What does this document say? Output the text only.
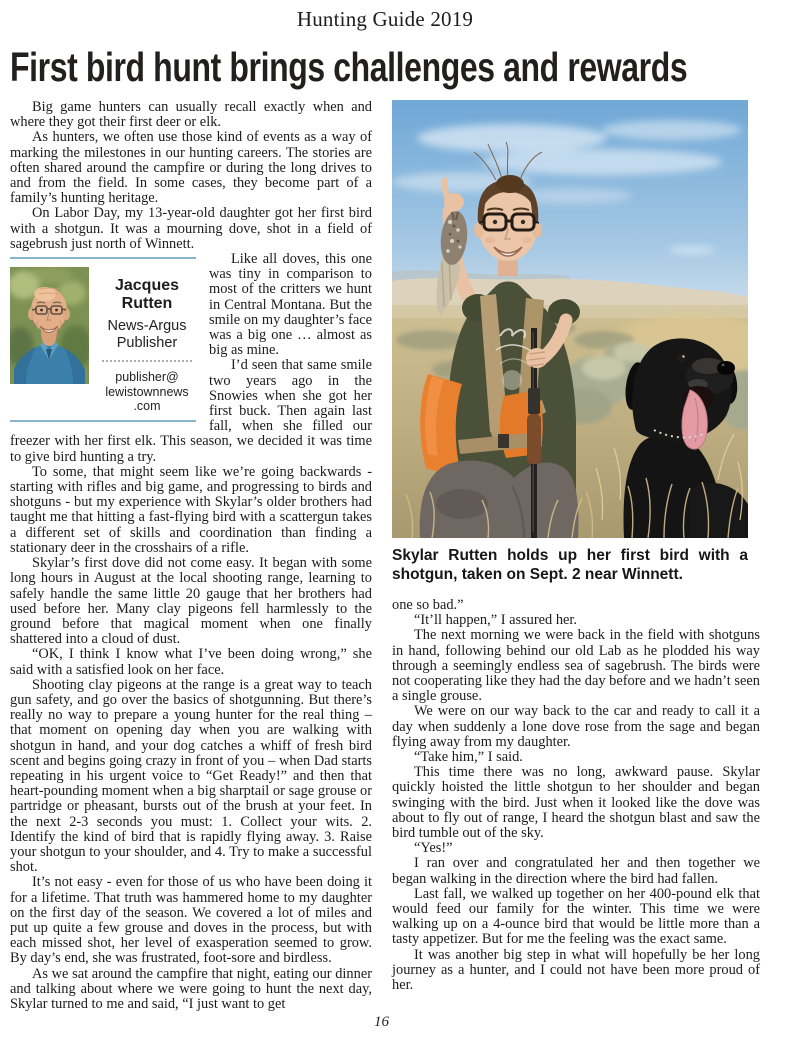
Hunting Guide 2019
First bird hunt brings challenges and rewards

Big game hunters can usually recall exactly when and where they got their first deer or elk.

As hunters, we often use those kind of events as a way of marking the milestones in our hunting careers. The stories are often shared around the campfire or during the long drives to and from the field. In some cases, they become part of a family’s hunting heritage.

On Labor Day, my 13-year-old daughter got her first bird with a shotgun. It was a mourning dove, shot in a field of sagebrush just north of Winnett.

Jacques Rutten
News-Argus Publisher
publisher@
lewistownnews
.com

Like all doves, this one was tiny in comparison to most of the critters we hunt in Central Montana. But the smile on my daughter’s face was a big one … almost as big as mine.

I’d seen that same smile two years ago in the Snowies when she got her first buck. Then again last fall, when she filled our freezer with her first elk. This season, we decided it was time to give bird hunting a try.

To some, that might seem like we’re going backwards - starting with rifles and big game, and progressing to birds and shotguns - but my experience with Skylar’s older brothers had taught me that hitting a fast-flying bird with a scattergun takes a different set of skills and coordination than finding a stationary deer in the crosshairs of a rifle.

Skylar’s first dove did not come easy. It began with some long hours in August at the local shooting range, learning to safely handle the same little 20 gauge that her brothers had used before her. Many clay pigeons fell harmlessly to the ground before that magical moment when one finally shattered into a cloud of dust.

“OK, I think I know what I’ve been doing wrong,” she said with a satisfied look on her face.

Shooting clay pigeons at the range is a great way to teach gun safety, and go over the basics of shotgunning. But there’s really no way to prepare a young hunter for the real thing – that moment on opening day when you are walking with shotgun in hand, and your dog catches a whiff of fresh bird scent and begins going crazy in front of you – when Dad starts repeating in his urgent voice to “Get Ready!” and then that heart-pounding moment when a big sharptail or sage grouse or partridge or pheasant, bursts out of the brush at your feet. In the next 2-3 seconds you must: 1. Collect your wits. 2. Identify the kind of bird that is rapidly flying away. 3. Raise your shotgun to your shoulder, and 4. Try to make a successful shot.

It’s not easy - even for those of us who have been doing it for a lifetime. That truth was hammered home to my daughter on the first day of the season. We covered a lot of miles and put up quite a few grouse and doves in the process, but with each missed shot, her level of exasperation seemed to grow. By day’s end, she was frustrated, foot-sore and birdless.

As we sat around the campfire that night, eating our dinner and talking about where we were going to hunt the next day, Skylar turned to me and said, “I just want to get

Skylar Rutten holds up her first bird with a shotgun, taken on Sept. 2 near Winnett.

one so bad.”

“It’ll happen,” I assured her.

The next morning we were back in the field with shotguns in hand, following behind our old Lab as he plodded his way through a seemingly endless sea of sagebrush. The birds were not cooperating like they had the day before and we hadn’t seen a single grouse.

We were on our way back to the car and ready to call it a day when suddenly a lone dove rose from the sage and began flying away from my daughter.

“Take him,” I said.

This time there was no long, awkward pause. Skylar quickly hoisted the little shotgun to her shoulder and began swinging with the bird. Just when it looked like the dove was about to fly out of range, I heard the shotgun blast and saw the bird tumble out of the sky.

“Yes!”

I ran over and congratulated her and then together we began walking in the direction where the bird had fallen.

Last fall, we walked up together on her 400-pound elk that would feed our family for the winter. This time we were walking up on a 4-ounce bird that would be little more than a tasty appetizer. But for me the feeling was the exact same.

It was another big step in what will hopefully be her long journey as a hunter, and I could not have been more proud of her.

16
